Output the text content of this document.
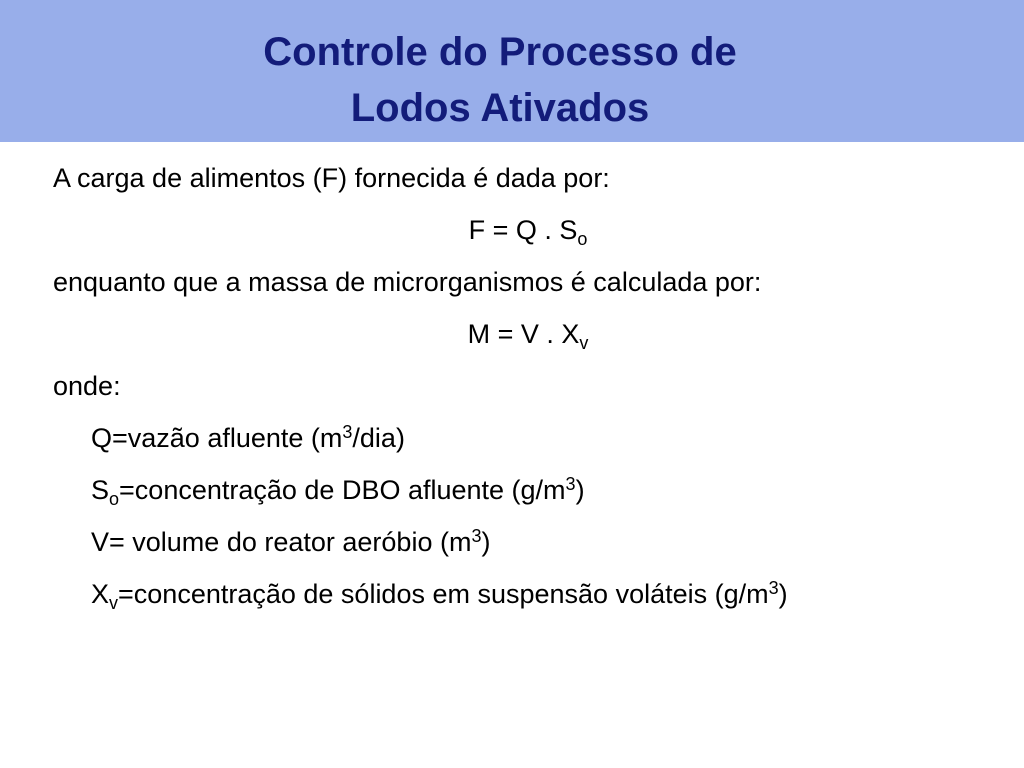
Controle do Processo de
Lodos Ativados
A carga de alimentos (F) fornecida é dada por:
F = Q . $S_o$
enquanto que a massa de microrganismos é calculada por:
M = V . $X_v$
onde:
Q=vazão afluente $(m^3/dia)$
$S_o=concentração$ de DBO afluente $(g/m^3)$
V= volume do reator aeróbio $(m^3)$
$X_v=concentração$ de sólidos em suspensão voláteis $(g/m^3)$
